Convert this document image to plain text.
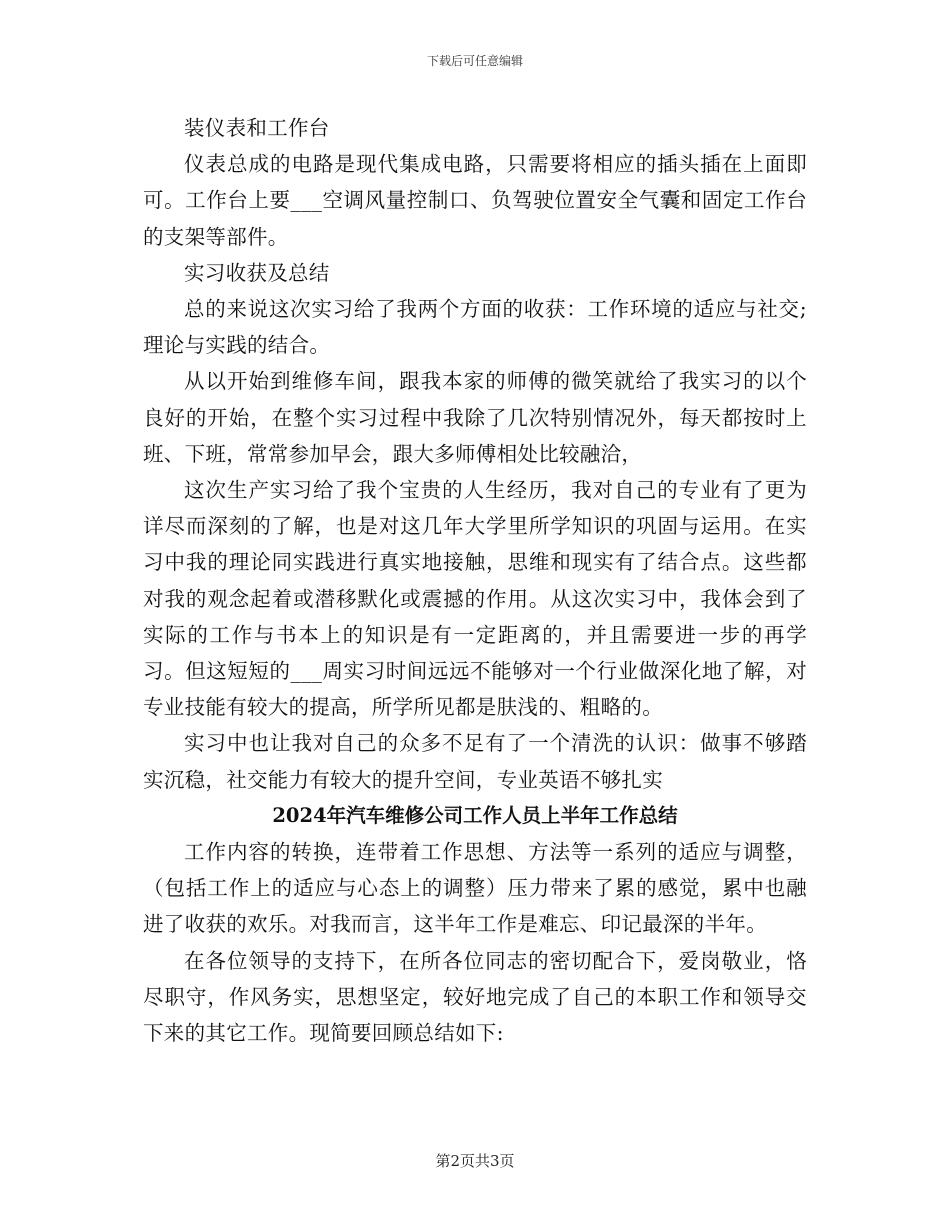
下载后可任意编辑

装仪表和工作台

仪表总成的电路是现代集成电路，只需要将相应的插头插在上面即可。工作台上要___空调风量控制口、负驾驶位置安全气囊和固定工作台的支架等部件。

实习收获及总结

总的来说这次实习给了我两个方面的收获：工作环境的适应与社交;理论与实践的结合。

从以开始到维修车间，跟我本家的师傅的微笑就给了我实习的以个良好的开始，在整个实习过程中我除了几次特别情况外，每天都按时上班、下班，常常参加早会，跟大多师傅相处比较融洽，

这次生产实习给了我个宝贵的人生经历，我对自己的专业有了更为详尽而深刻的了解，也是对这几年大学里所学知识的巩固与运用。在实习中我的理论同实践进行真实地接触，思维和现实有了结合点。这些都对我的观念起着或潜移默化或震撼的作用。从这次实习中，我体会到了实际的工作与书本上的知识是有一定距离的，并且需要进一步的再学习。但这短短的___周实习时间远远不能够对一个行业做深化地了解，对专业技能有较大的提高，所学所见都是肤浅的、粗略的。

实习中也让我对自己的众多不足有了一个清洗的认识：做事不够踏实沉稳，社交能力有较大的提升空间，专业英语不够扎实

2024年汽车维修公司工作人员上半年工作总结

工作内容的转换，连带着工作思想、方法等一系列的适应与调整，（包括工作上的适应与心态上的调整）压力带来了累的感觉，累中也融进了收获的欢乐。对我而言，这半年工作是难忘、印记最深的半年。

在各位领导的支持下，在所各位同志的密切配合下，爱岗敬业，恪尽职守，作风务实，思想坚定，较好地完成了自己的本职工作和领导交下来的其它工作。现简要回顾总结如下:

第2页共3页
